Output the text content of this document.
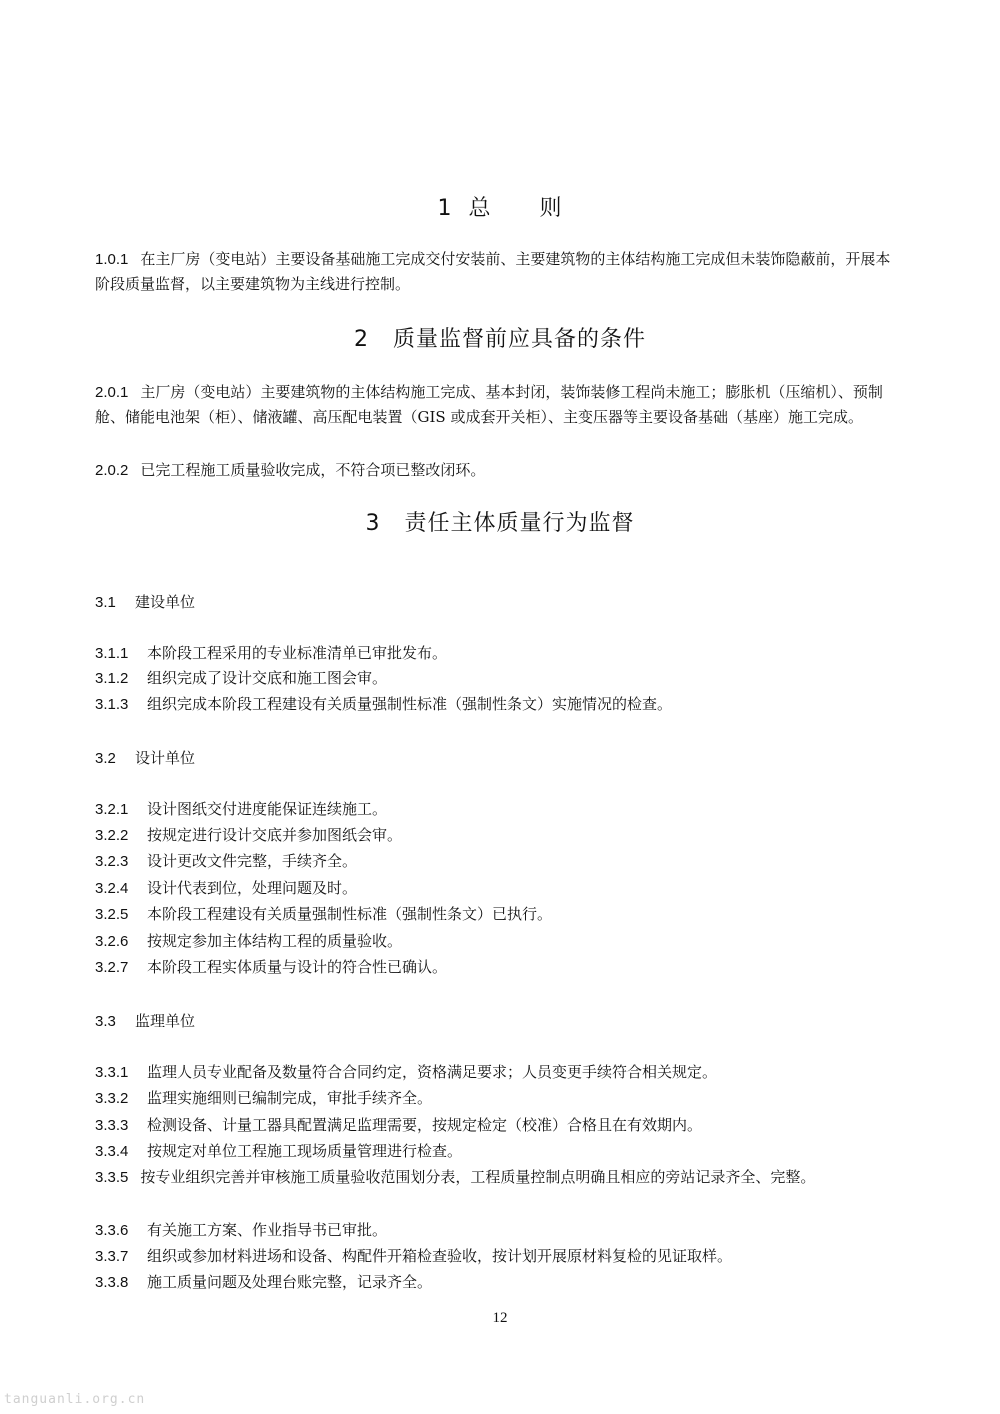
1  总      则
1.0.1 在主厂房（变电站）主要设备基础施工完成交付安装前、主要建筑物的主体结构施工完成但未装饰隐蔽前，开展本阶段质量监督，以主要建筑物为主线进行控制。
2   质量监督前应具备的条件
2.0.1 主厂房（变电站）主要建筑物的主体结构施工完成、基本封闭，装饰装修工程尚未施工；膨胀机（压缩机）、预制舱、储能电池架（柜）、储液罐、高压配电装置（GIS 或成套开关柜）、主变压器等主要设备基础（基座）施工完成。
2.0.2 已完工程施工质量验收完成，不符合项已整改闭环。
3   责任主体质量行为监督
3.1 建设单位
3.1.1 本阶段工程采用的专业标准清单已审批发布。
3.1.2 组织完成了设计交底和施工图会审。
3.1.3 组织完成本阶段工程建设有关质量强制性标准（强制性条文）实施情况的检查。
3.2 设计单位
3.2.1 设计图纸交付进度能保证连续施工。
3.2.2 按规定进行设计交底并参加图纸会审。
3.2.3 设计更改文件完整，手续齐全。
3.2.4 设计代表到位，处理问题及时。
3.2.5 本阶段工程建设有关质量强制性标准（强制性条文）已执行。
3.2.6 按规定参加主体结构工程的质量验收。
3.2.7 本阶段工程实体质量与设计的符合性已确认。
3.3 监理单位
3.3.1 监理人员专业配备及数量符合合同约定，资格满足要求；人员变更手续符合相关规定。
3.3.2 监理实施细则已编制完成，审批手续齐全。
3.3.3 检测设备、计量工器具配置满足监理需要，按规定检定（校准）合格且在有效期内。
3.3.4 按规定对单位工程施工现场质量管理进行检查。
3.3.5 按专业组织完善并审核施工质量验收范围划分表，工程质量控制点明确且相应的旁站记录齐全、完整。
3.3.6 有关施工方案、作业指导书已审批。
3.3.7 组织或参加材料进场和设备、构配件开箱检查验收，按计划开展原材料复检的见证取样。
3.3.8 施工质量问题及处理台账完整，记录齐全。
12
tanguanli.org.cn
